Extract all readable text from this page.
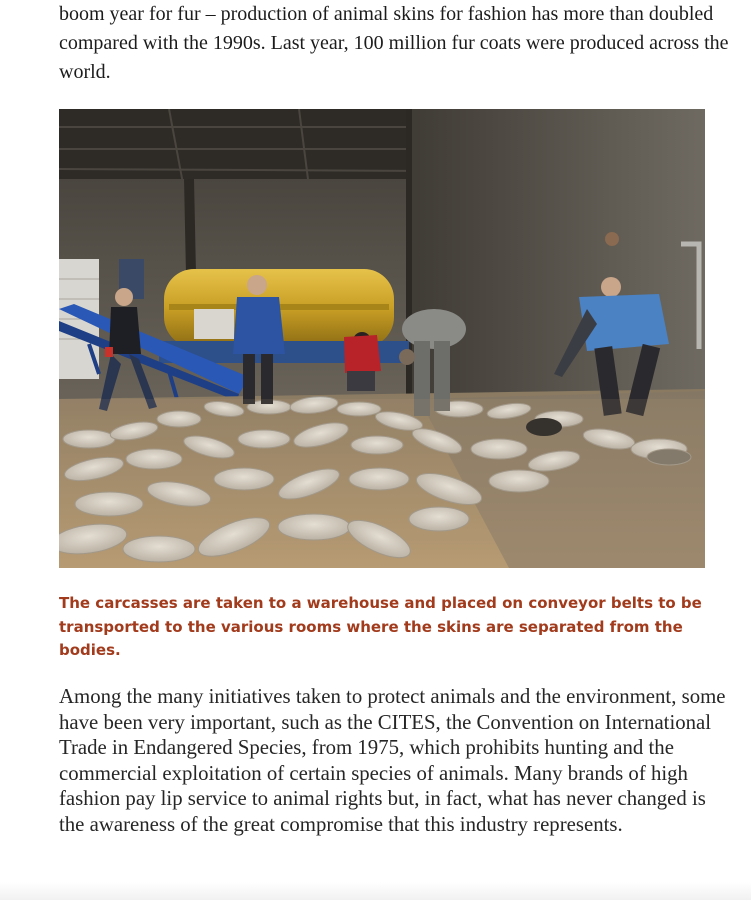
boom year for fur – production of animal skins for fashion has more than doubled compared with the 1990s. Last year, 100 million fur coats were produced across the world.

The carcasses are taken to a warehouse and placed on conveyor belts to be transported to the various rooms where the skins are separated from the bodies.

Among the many initiatives taken to protect animals and the environment, some have been very important, such as the CITES, the Convention on International Trade in Endangered Species, from 1975, which prohibits hunting and the commercial exploitation of certain species of animals. Many brands of high fashion pay lip service to animal rights but, in fact, what has never changed is the awareness of the great compromise that this industry represents.
